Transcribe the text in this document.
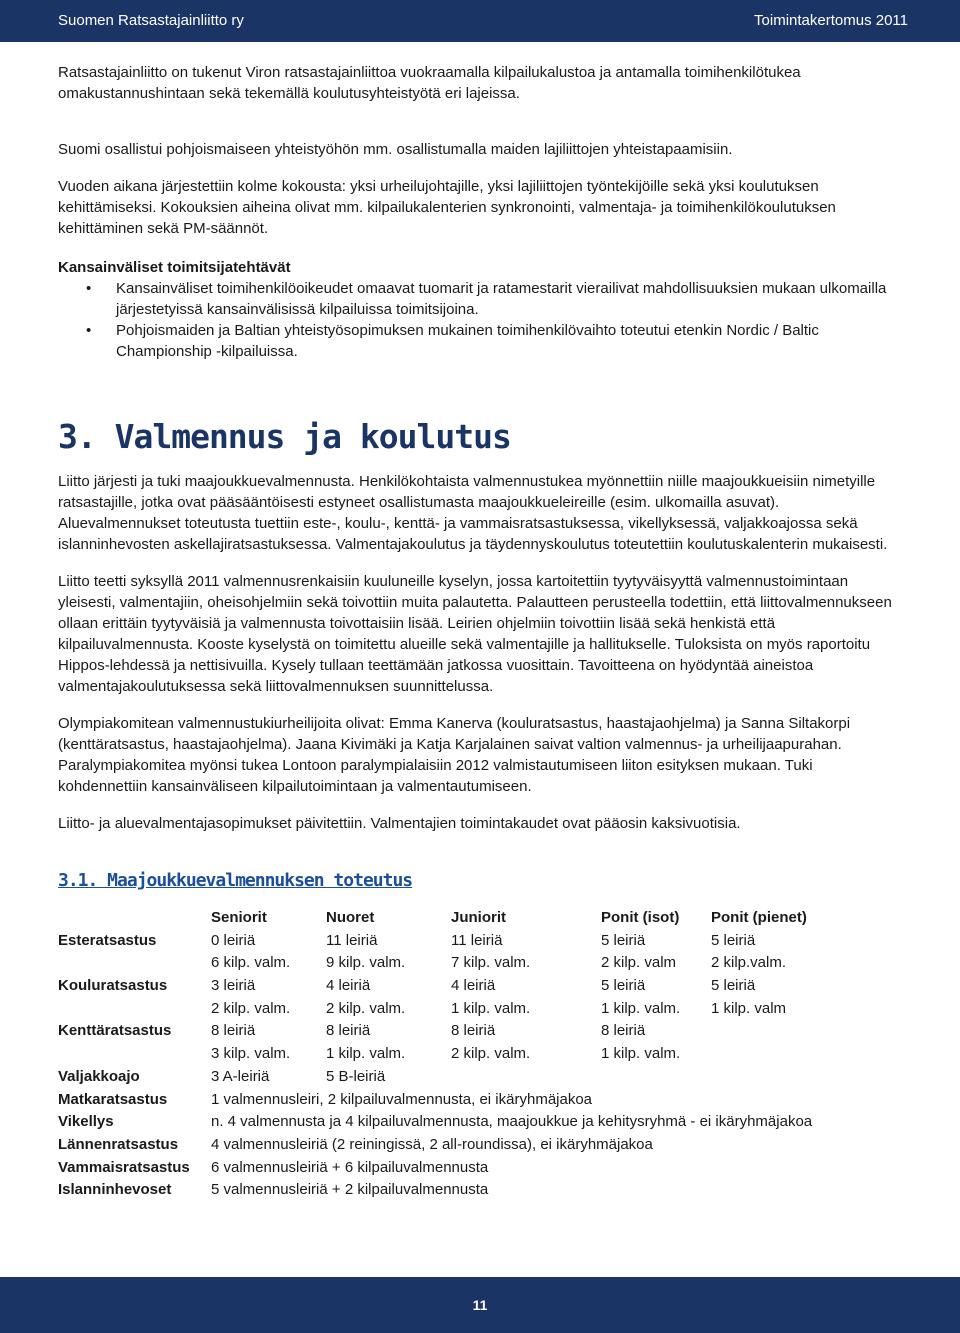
Suomen Ratsastajainliitto ry	Toimintakertomus 2011

Ratsastajainliitto on tukenut Viron ratsastajainliittoa vuokraamalla kilpailukalustoa ja antamalla toimihenkilötukea omakustannushintaan sekä tekemällä koulutusyhteistyötä eri lajeissa.

Suomi osallistui pohjoismaiseen yhteistyöhön mm. osallistumalla maiden lajiliittojen yhteistapaamisiin.

Vuoden aikana järjestettiin kolme kokousta: yksi urheilujohtajille, yksi lajiliittojen työntekijöille sekä yksi koulutuksen kehittämiseksi. Kokouksien aiheina olivat mm. kilpailukalenterien synkronointi, valmentaja- ja toimihenkilökoulutuksen kehittäminen sekä PM-säännöt.

Kansainväliset toimitsijatehtävät
• Kansainväliset toimihenkilöoikeudet omaavat tuomarit ja ratamestarit vierailivat mahdollisuuksien mukaan ulkomailla järjestetyissä kansainvälisissä kilpailuissa toimitsijoina.
• Pohjoismaiden ja Baltian yhteistyösopimuksen mukainen toimihenkilövaihto toteutui etenkin Nordic / Baltic Championship -kilpailuissa.
3. Valmennus ja koulutus

Liitto järjesti ja tuki maajoukkuevalmennusta. Henkilökohtaista valmennustukea myönnettiin niille maajoukkueisiin nimetyille ratsastajille, jotka ovat pääsääntöisesti estyneet osallistumasta maajoukkueleireille (esim. ulkomailla asuvat). Aluevalmennukset toteutusta tuettiin este-, koulu-, kenttä- ja vammaisratsastuksessa, vikellyksessä, valjakkoajossa sekä islanninhevosten askellajiratsastuksessa. Valmentajakoulutus ja täydennyskoulutus toteutettiin koulutuskalenterin mukaisesti.

Liitto teetti syksyllä 2011 valmennusrenkaisiin kuuluneille kyselyn, jossa kartoitettiin tyytyväisyyttä valmennustoimintaan yleisesti, valmentajiin, oheisohjelmiin sekä toivottiin muita palautetta. Palautteen perusteella todettiin, että liittovalmennukseen ollaan erittäin tyytyväisiä ja valmennusta toivottaisiin lisää. Leirien ohjelmiin toivottiin lisää sekä henkistä että kilpailuvalmennusta. Kooste kyselystä on toimitettu alueille sekä valmentajille ja hallitukselle. Tuloksista on myös raportoitu Hippos-lehdessä ja nettisivuilla. Kysely tullaan teettämään jatkossa vuosittain. Tavoitteena on hyödyntää aineistoa valmentajakoulutuksessa sekä liittovalmennuksen suunnittelussa.

Olympiakomitean valmennustukiurheilijoita olivat: Emma Kanerva (kouluratsastus, haastajaohjelma) ja Sanna Siltakorpi (kenttäratsastus, haastajaohjelma). Jaana Kivimäki ja Katja Karjalainen saivat valtion valmennus- ja urheilijaapurahan. Paralympiakomitea myönsi tukea Lontoon paralympialaisiin 2012 valmistautumiseen liiton esityksen mukaan. Tuki kohdennettiin kansainväliseen kilpailutoimintaan ja valmentautumiseen.

Liitto- ja aluevalmentajasopimukset päivitettiin. Valmentajien toimintakaudet ovat pääosin kaksivuotisia.

3.1. Maajoukkuevalmennuksen toteutus
	Seniorit	Nuoret	Juniorit	Ponit (isot)	Ponit (pienet)
Esteratsastus	0 leiriä	11 leiriä	11 leiriä	5 leiriä	5 leiriä
	6 kilp. valm.	9 kilp. valm.	7 kilp. valm.	2 kilp. valm	2 kilp.valm.
Kouluratsastus	3 leiriä	4 leiriä	4 leiriä	5 leiriä	5 leiriä
	2 kilp. valm.	2 kilp. valm.	1 kilp. valm.	1 kilp. valm.	1 kilp. valm
Kenttäratsastus	8 leiriä	8 leiriä	8 leiriä	8 leiriä	
	3 kilp. valm.	1 kilp. valm.	2 kilp. valm.	1 kilp. valm.	
Valjakkoajo	3 A-leiriä	5 B-leiriä			
Matkaratsastus	1 valmennusleiri, 2 kilpailuvalmennusta, ei ikäryhmäjakoa
Vikellys	n. 4 valmennusta ja 4 kilpailuvalmennusta, maajoukkue ja kehitysryhmä - ei ikäryhmäjakoa
Lännenratsastus	4 valmennusleiriä (2 reiningissä, 2 all-roundissa), ei ikäryhmäjakoa
Vammaisratsastus	6 valmennusleiriä + 6 kilpailuvalmennusta
Islanninhevoset	5 valmennusleiriä + 2 kilpailuvalmennusta
11
